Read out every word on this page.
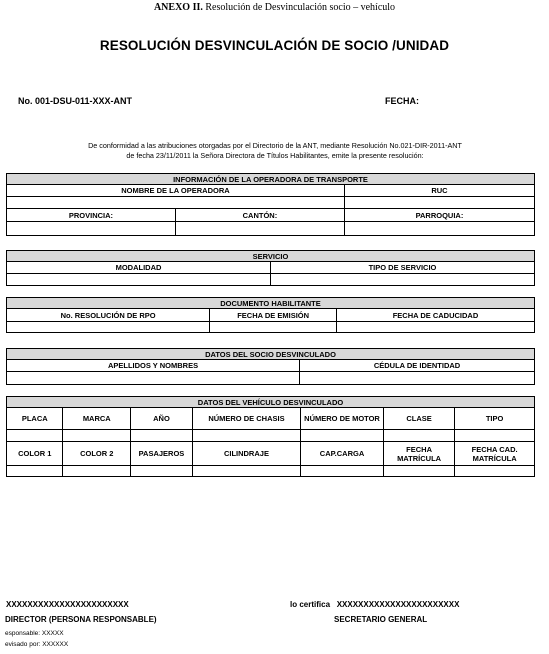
ANEXO II. Resolución de Desvinculación socio – vehículo
RESOLUCIÓN DESVINCULACIÓN DE SOCIO /UNIDAD
No. 001-DSU-011-XXX-ANT	FECHA:
De conformidad a las atribuciones otorgadas por el Directorio de la ANT, mediante Resolución No.021-DIR-2011-ANT
de fecha 23/11/2011 la Señora Directora de Títulos Habilitantes, emite la presente resolución:
INFORMACIÓN DE LA OPERADORA DE TRANSPORTE		
NOMBRE DE LA OPERADORA		RUC

PROVINCIA:	CANTÓN:	PARROQUIA:

SERVICIO	
MODALIDAD	TIPO DE SERVICIO

DOCUMENTO HABILITANTE		
No. RESOLUCIÓN DE RPO	FECHA DE EMISIÓN	FECHA DE CADUCIDAD

DATOS DEL SOCIO DESVINCULADO	
APELLIDOS Y NOMBRES	CÉDULA DE IDENTIDAD

DATOS DEL VEHÍCULO DESVINCULADO						
PLACA	MARCA	AÑO	NÚMERO DE CHASIS	NÚMERO DE MOTOR	CLASE	TIPO

COLOR 1	COLOR 2	PASAJEROS	CILINDRAJE	CAP.CARGA	FECHA MATRÍCULA	FECHA CAD. MATRÍCULA

XXXXXXXXXXXXXXXXXXXXXXX	lo certifica XXXXXXXXXXXXXXXXXXXXXXX
DIRECTOR (PERSONA RESPONSABLE)	SECRETARIO GENERAL
esponsable: XXXXX
evisado por: XXXXXX
